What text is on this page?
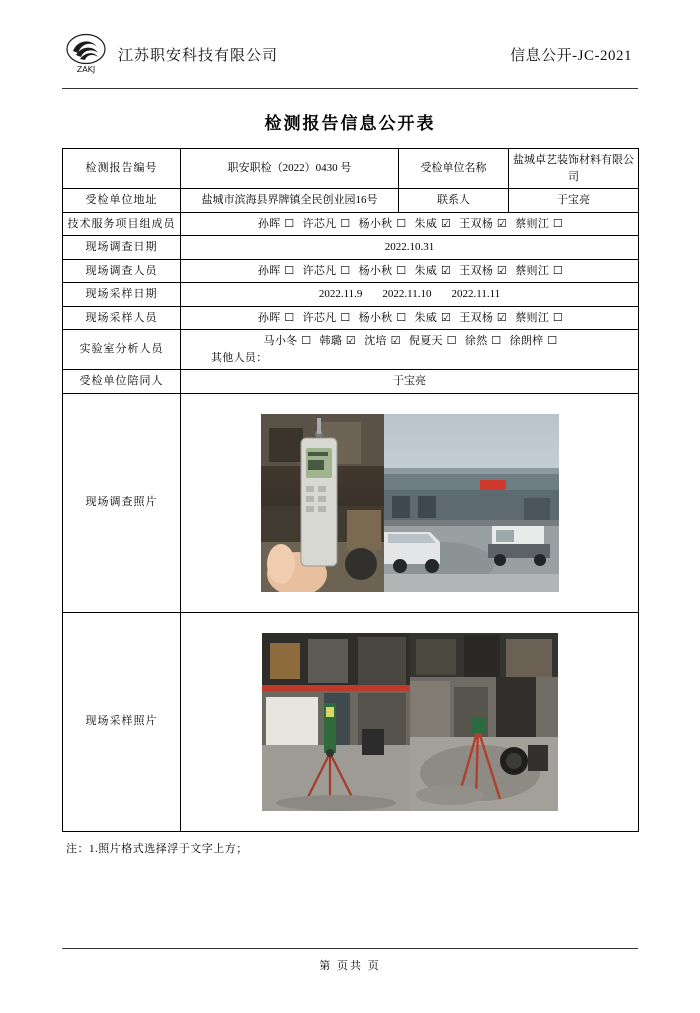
ZAKJ
江苏职安科技有限公司	信息公开-JC-2021
检测报告信息公开表
检测报告编号	职安职检（2022）0430 号	受检单位名称	盐城卓艺装饰材料有限公司
受检单位地址	盐城市滨海县界牌镇全民创业园16号	联系人	于宝亮
技术服务项目组成员	孙晖 ☐ 许芯凡 ☐ 杨小秋 ☐ 朱威 ☑ 王双杨 ☑ 蔡则江 ☐		

现场调查日期	2022.10.31		
现场调查人员	孙晖 ☐ 许芯凡 ☐ 杨小秋 ☐ 朱威 ☑ 王双杨 ☑ 蔡则江 ☐		

现场采样日期	2022.11.9 2022.11.10 2022.11.11		
现场采样人员	孙晖 ☐ 许芯凡 ☐ 杨小秋 ☐ 朱威 ☑ 王双杨 ☑ 蔡则江 ☐		

实验室分析人员	马小冬 ☐ 韩璐 ☑ 沈培 ☑ 倪夏天 ☐ 徐然 ☐ 徐朗梓 ☐
其他人员：		

受检单位陪同人	于宝亮		
现场调查照片	

现场采样照片	
注：1.照片格式选择浮于文字上方；
第 页共 页
